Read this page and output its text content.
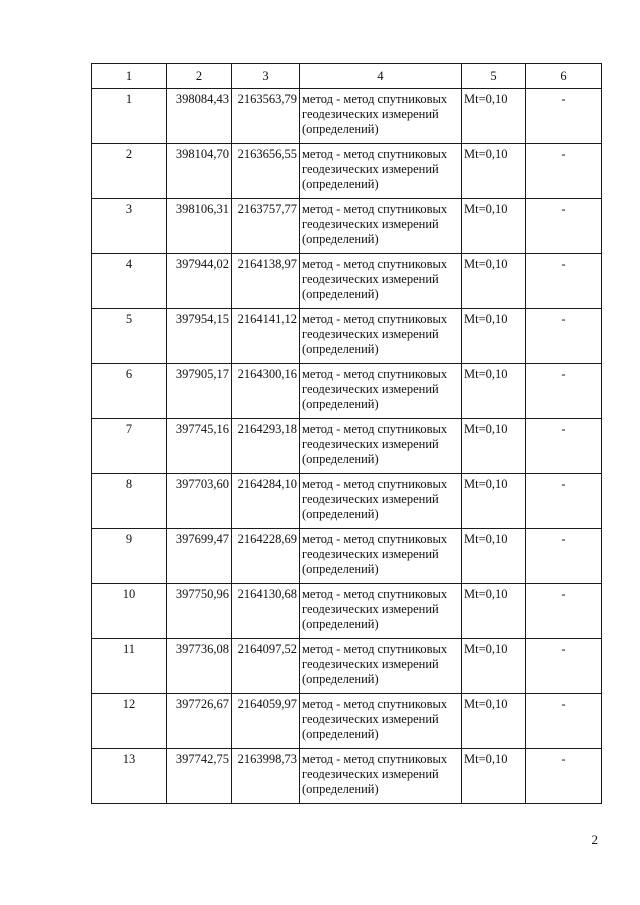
1	2	3	4	5	6
1	398084,43	2163563,79	метод - метод спутниковых геодезических измерений (определений)	Mt=0,10	-
2	398104,70	2163656,55	метод - метод спутниковых геодезических измерений (определений)	Mt=0,10	-
3	398106,31	2163757,77	метод - метод спутниковых геодезических измерений (определений)	Mt=0,10	-
4	397944,02	2164138,97	метод - метод спутниковых геодезических измерений (определений)	Mt=0,10	-
5	397954,15	2164141,12	метод - метод спутниковых геодезических измерений (определений)	Mt=0,10	-
6	397905,17	2164300,16	метод - метод спутниковых геодезических измерений (определений)	Mt=0,10	-
7	397745,16	2164293,18	метод - метод спутниковых геодезических измерений (определений)	Mt=0,10	-
8	397703,60	2164284,10	метод - метод спутниковых геодезических измерений (определений)	Mt=0,10	-
9	397699,47	2164228,69	метод - метод спутниковых геодезических измерений (определений)	Mt=0,10	-
10	397750,96	2164130,68	метод - метод спутниковых геодезических измерений (определений)	Mt=0,10	-
11	397736,08	2164097,52	метод - метод спутниковых геодезических измерений (определений)	Mt=0,10	-
12	397726,67	2164059,97	метод - метод спутниковых геодезических измерений (определений)	Mt=0,10	-
13	397742,75	2163998,73	метод - метод спутниковых геодезических измерений (определений)	Mt=0,10	-
2
